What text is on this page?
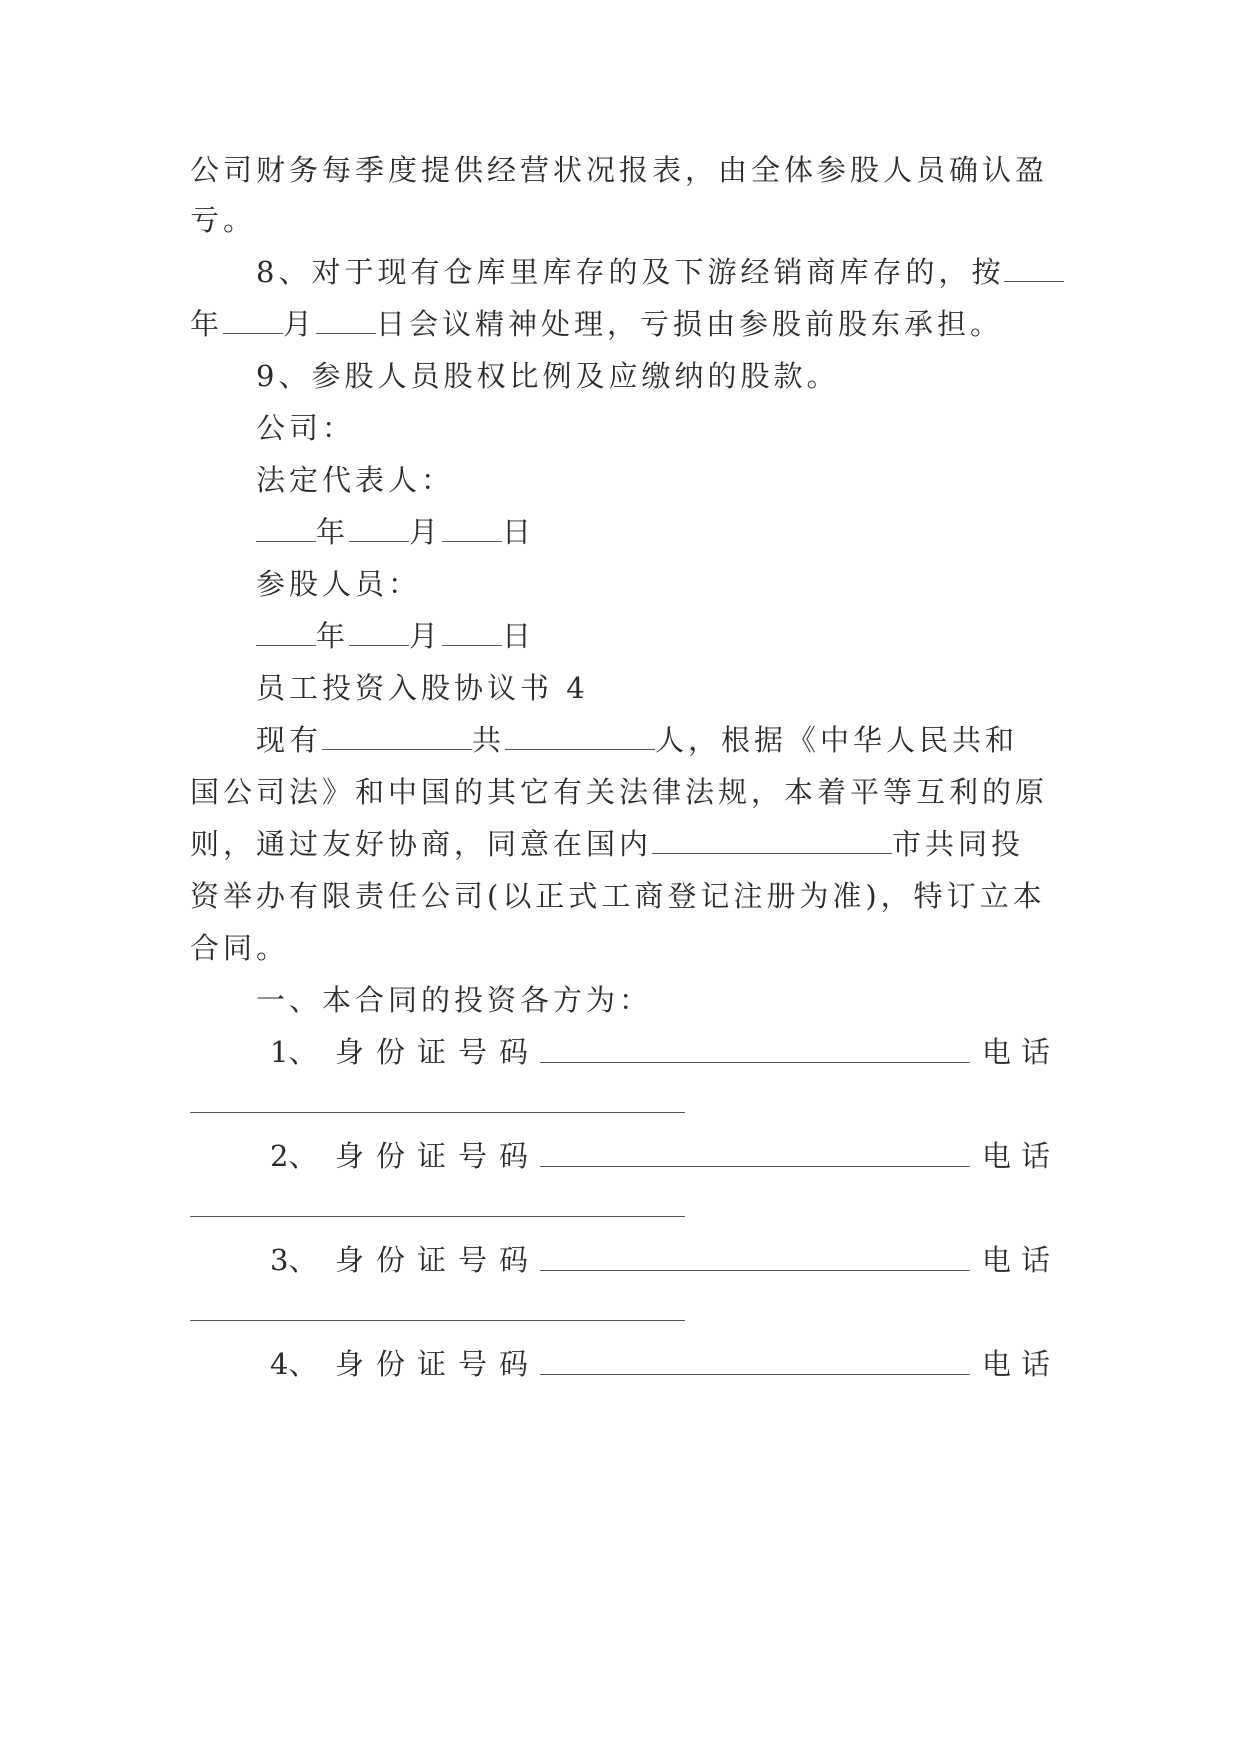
公司财务每季度提供经营状况报表，由全体参股人员确认盈
亏。
8、对于现有仓库里库存的及下游经销商库存的，按
年 月 日会议精神处理，亏损由参股前股东承担。
9、参股人员股权比例及应缴纳的股款。
公司：
法定代表人：
年 月 日
参股人员：
年 月 日
员工投资入股协议书 4
现有	共	人，根据《中华人民共和
国公司法》和中国的其它有关法律法规，本着平等互利的原
则，通过友好协商，同意在国内	市共同投
资举办有限责任公司(以正式工商登记注册为准)，特订立本
合同。
一、本合同的投资各方为：
1、 身份证号码	电话
2、 身份证号码	电话
3、 身份证号码	电话
4、 身份证号码	电话
